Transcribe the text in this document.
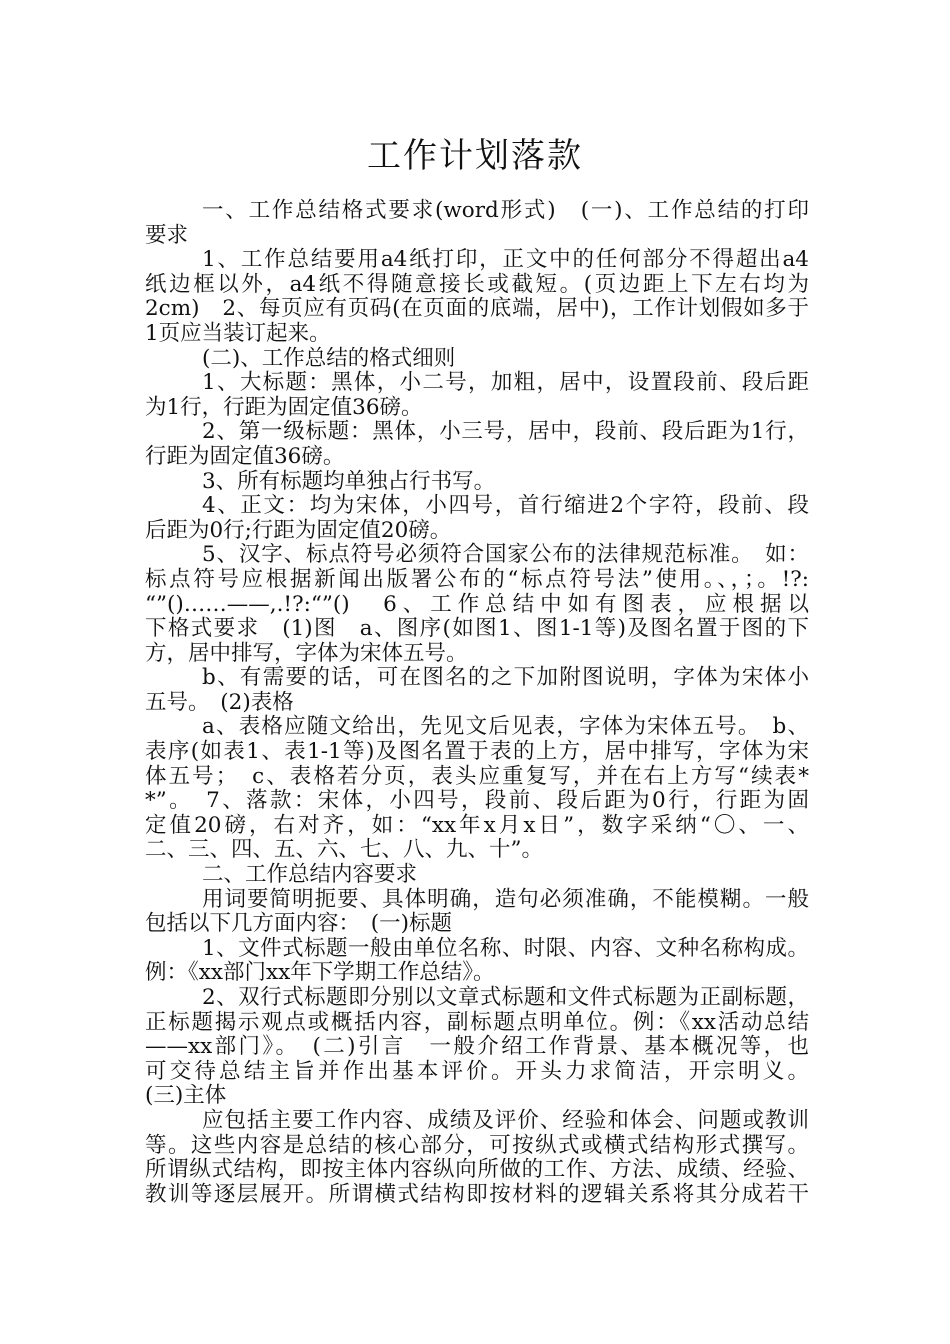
工作计划落款
一、工作总结格式要求(word形式)　(一)、工作总结的打印
要求
1、工作总结要用a4纸打印，正文中的任何部分不得超出a4
纸边框以外，a4纸不得随意接长或截短。(页边距上下左右均为
2cm)　2、每页应有页码(在页面的底端，居中)，工作计划假如多于
1页应当装订起来。
(二)、工作总结的格式细则
1、大标题：黑体，小二号，加粗，居中，设置段前、段后距
为1行，行距为固定值36磅。
2、第一级标题：黑体，小三号，居中，段前、段后距为1行，
行距为固定值36磅。
3、所有标题均单独占行书写。
4、正文：均为宋体，小四号，首行缩进2个字符，段前、段
后距为0行;行距为固定值20磅。
5、汉字、标点符号必须符合国家公布的法律规范标准。　如：
标点符号应根据新闻出版署公布的“标点符号法”使用。、，；。!?:
“”()……——,.!?:“”()　6、工作总结中如有图表，应根据以
下格式要求　(1)图　a、图序(如图1、图1-1等)及图名置于图的下
方，居中排写，字体为宋体五号。
b、有需要的话，可在图名的之下加附图说明，字体为宋体小
五号。　(2)表格
a、表格应随文给出，先见文后见表，字体为宋体五号。　b、
表序(如表1、表1-1等)及图名置于表的上方，居中排写，字体为宋
体五号；　c、表格若分页，表头应重复写，并在右上方写“续表*
*”。　7、落款：宋体，小四号，段前、段后距为0行，行距为固
定值20磅，右对齐，如：“xx年x月x日”，数字采纳“〇、一、
二、三、四、五、六、七、八、九、十”。
二、工作总结内容要求
用词要简明扼要、具体明确，造句必须准确，不能模糊。一般
包括以下几方面内容：　(一)标题
1、文件式标题一般由单位名称、时限、内容、文种名称构成。
例：《xx部门xx年下学期工作总结》。
2、双行式标题即分别以文章式标题和文件式标题为正副标题，
正标题揭示观点或概括内容，副标题点明单位。例：《xx活动总结
——xx部门》。　(二)引言　一般介绍工作背景、基本概况等，也
可交待总结主旨并作出基本评价。开头力求简洁，开宗明义。
(三)主体
应包括主要工作内容、成绩及评价、经验和体会、问题或教训
等。这些内容是总结的核心部分，可按纵式或横式结构形式撰写。
所谓纵式结构，即按主体内容纵向所做的工作、方法、成绩、经验、
教训等逐层展开。所谓横式结构即按材料的逻辑关系将其分成若干
